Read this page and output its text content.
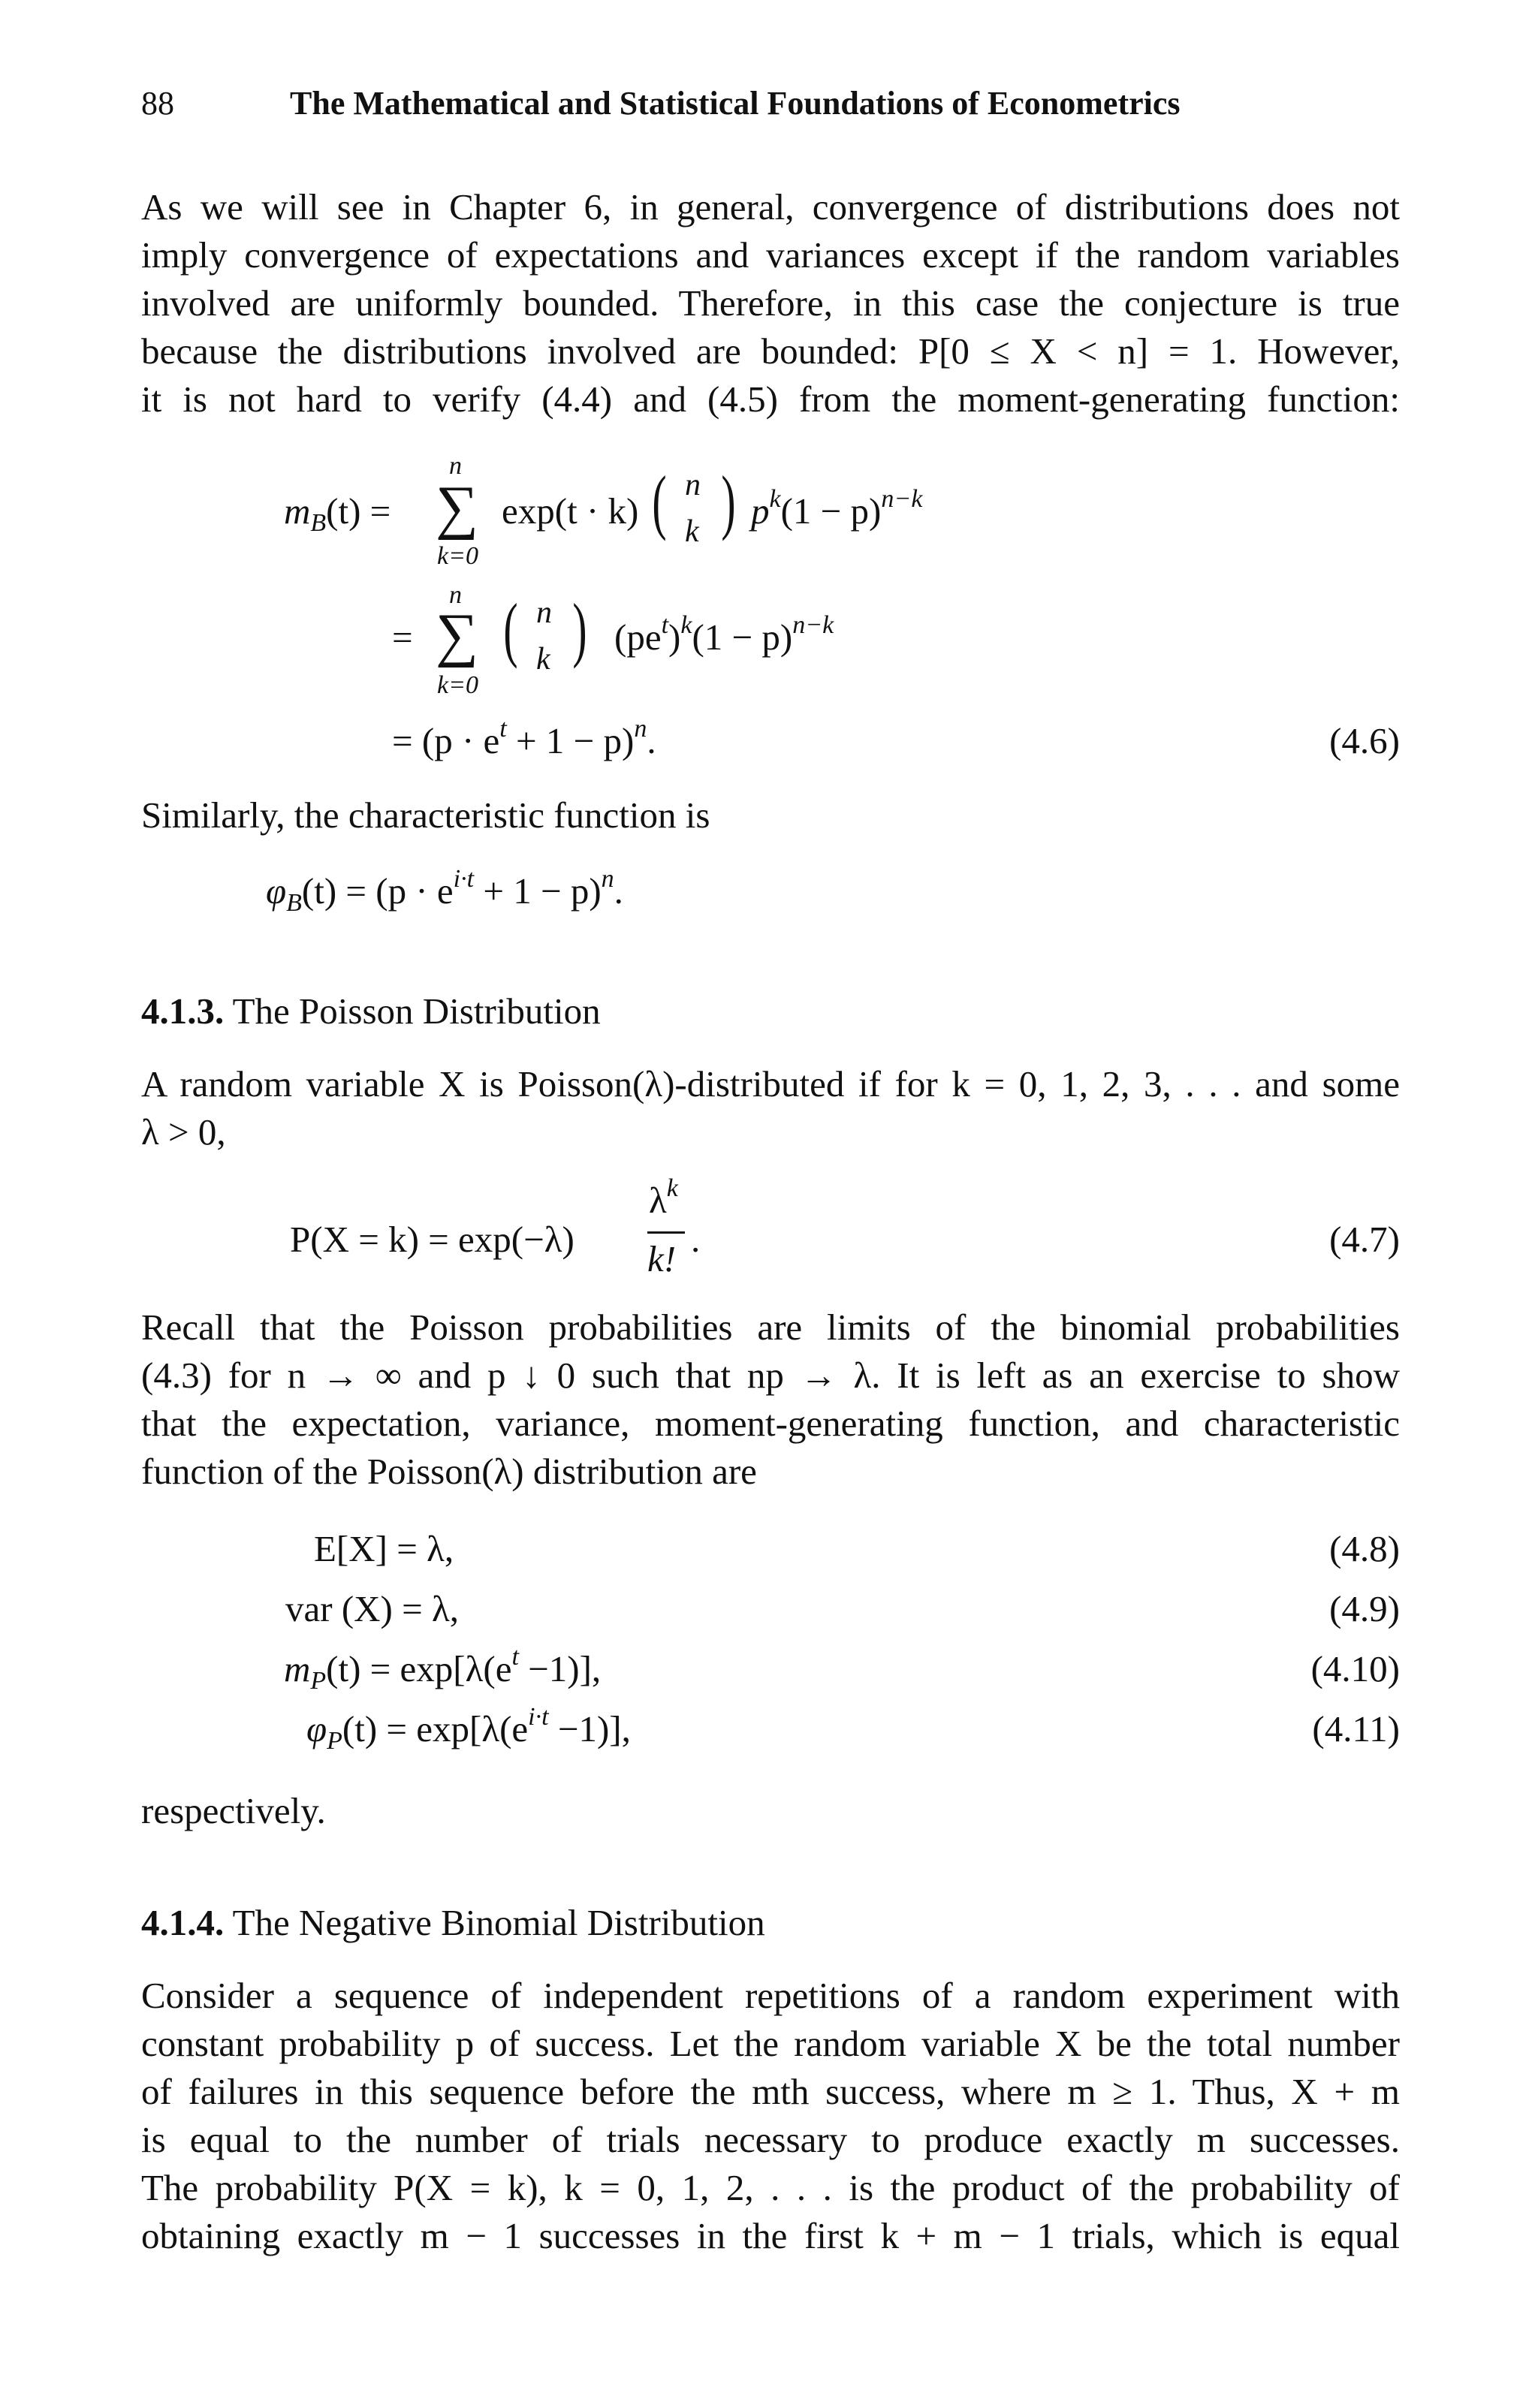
88	The Mathematical and Statistical Foundations of Econometrics
As we will see in Chapter 6, in general, convergence of distributions does not
imply convergence of expectations and variances except if the random variables
involved are uniformly bounded. Therefore, in this case the conjecture is true
because the distributions involved are bounded: P[0 ≤ X < n] = 1. However,
it is not hard to verify (4.4) and (4.5) from the moment-generating function:
$m_B(t)$ =
n
∑
k=0
exp(t · k) ( n
k ) $p^k(1 - p)^{n-k}$
=
n
∑
k=0
( n
k ) $(pe^t)^k(1 - p)^{n-k}$
= $(p \cdot e^t + 1 - p)^n$.	(4.6)
Similarly, the characteristic function is
$\varphi_B(t) = (p \cdot e^{i\cdot t} + 1 - p)^n$.
4.1.3. The Poisson Distribution
A random variable X is Poisson(λ)-distributed if for k = 0, 1, 2, 3, . . . and some
λ > 0,
P(X = k) = exp(−λ)
$\lambda^k$
k! .	(4.7)
Recall that the Poisson probabilities are limits of the binomial probabilities
(4.3) for n → ∞ and p ↓ 0 such that np → λ. It is left as an exercise to show
that the expectation, variance, moment-generating function, and characteristic
function of the Poisson(λ) distribution are
E[X] = λ,	(4.8)
var (X) = λ,	(4.9)
$m_P(t) = \exp[\lambda(e^t -1)]$,	(4.10)
$\varphi_P(t) = \exp[\lambda(e^{i\cdot t} -1)]$,	(4.11)
respectively.
4.1.4. The Negative Binomial Distribution
Consider a sequence of independent repetitions of a random experiment with
constant probability p of success. Let the random variable X be the total number
of failures in this sequence before the mth success, where m ≥ 1. Thus, X + m
is equal to the number of trials necessary to produce exactly m successes.
The probability P(X = k), k = 0, 1, 2, . . . is the product of the probability of
obtaining exactly m − 1 successes in the first k + m − 1 trials, which is equal
